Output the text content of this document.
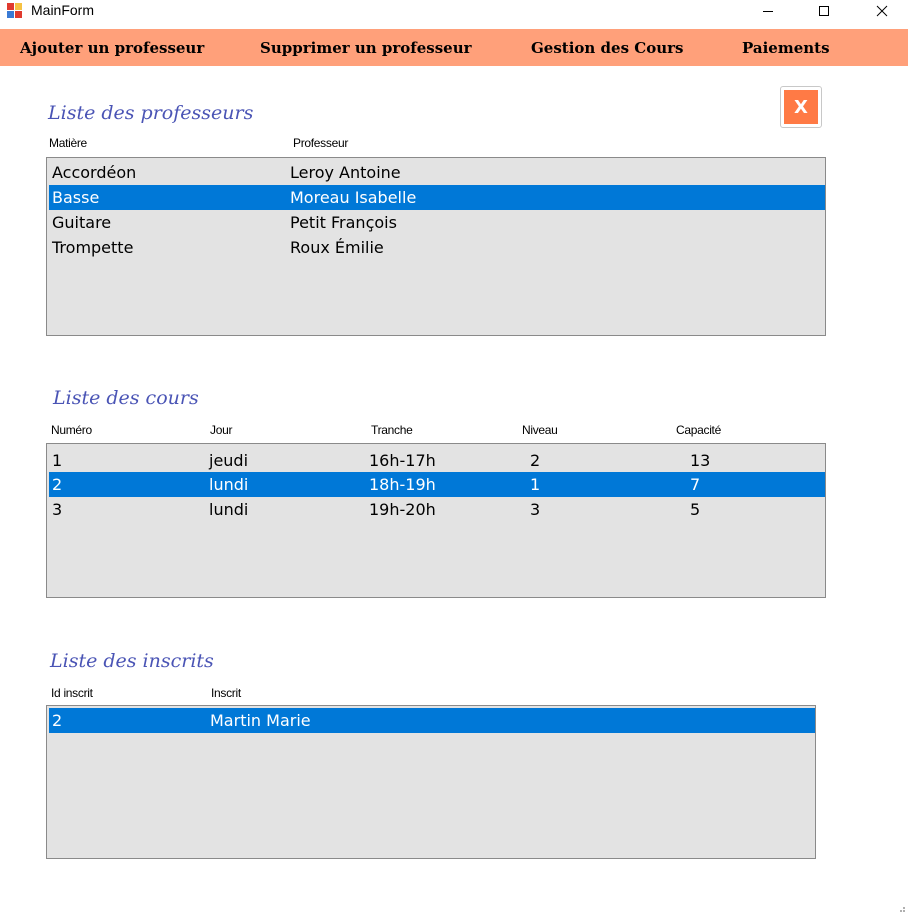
MainForm
Ajouter un professeur	Supprimer un professeur	Gestion des Cours	Paiements
X
Liste des professeurs
Matière	Professeur
Accordéon	Leroy Antoine
Basse	Moreau Isabelle
Guitare	Petit François
Trompette	Roux Émilie
Liste des cours
Numéro	Jour	Tranche	Niveau	Capacité
1	jeudi	16h-17h	2	13
2	lundi	18h-19h	1	7
3	lundi	19h-20h	3	5
Liste des inscrits
Id inscrit	Inscrit
2	Martin Marie
